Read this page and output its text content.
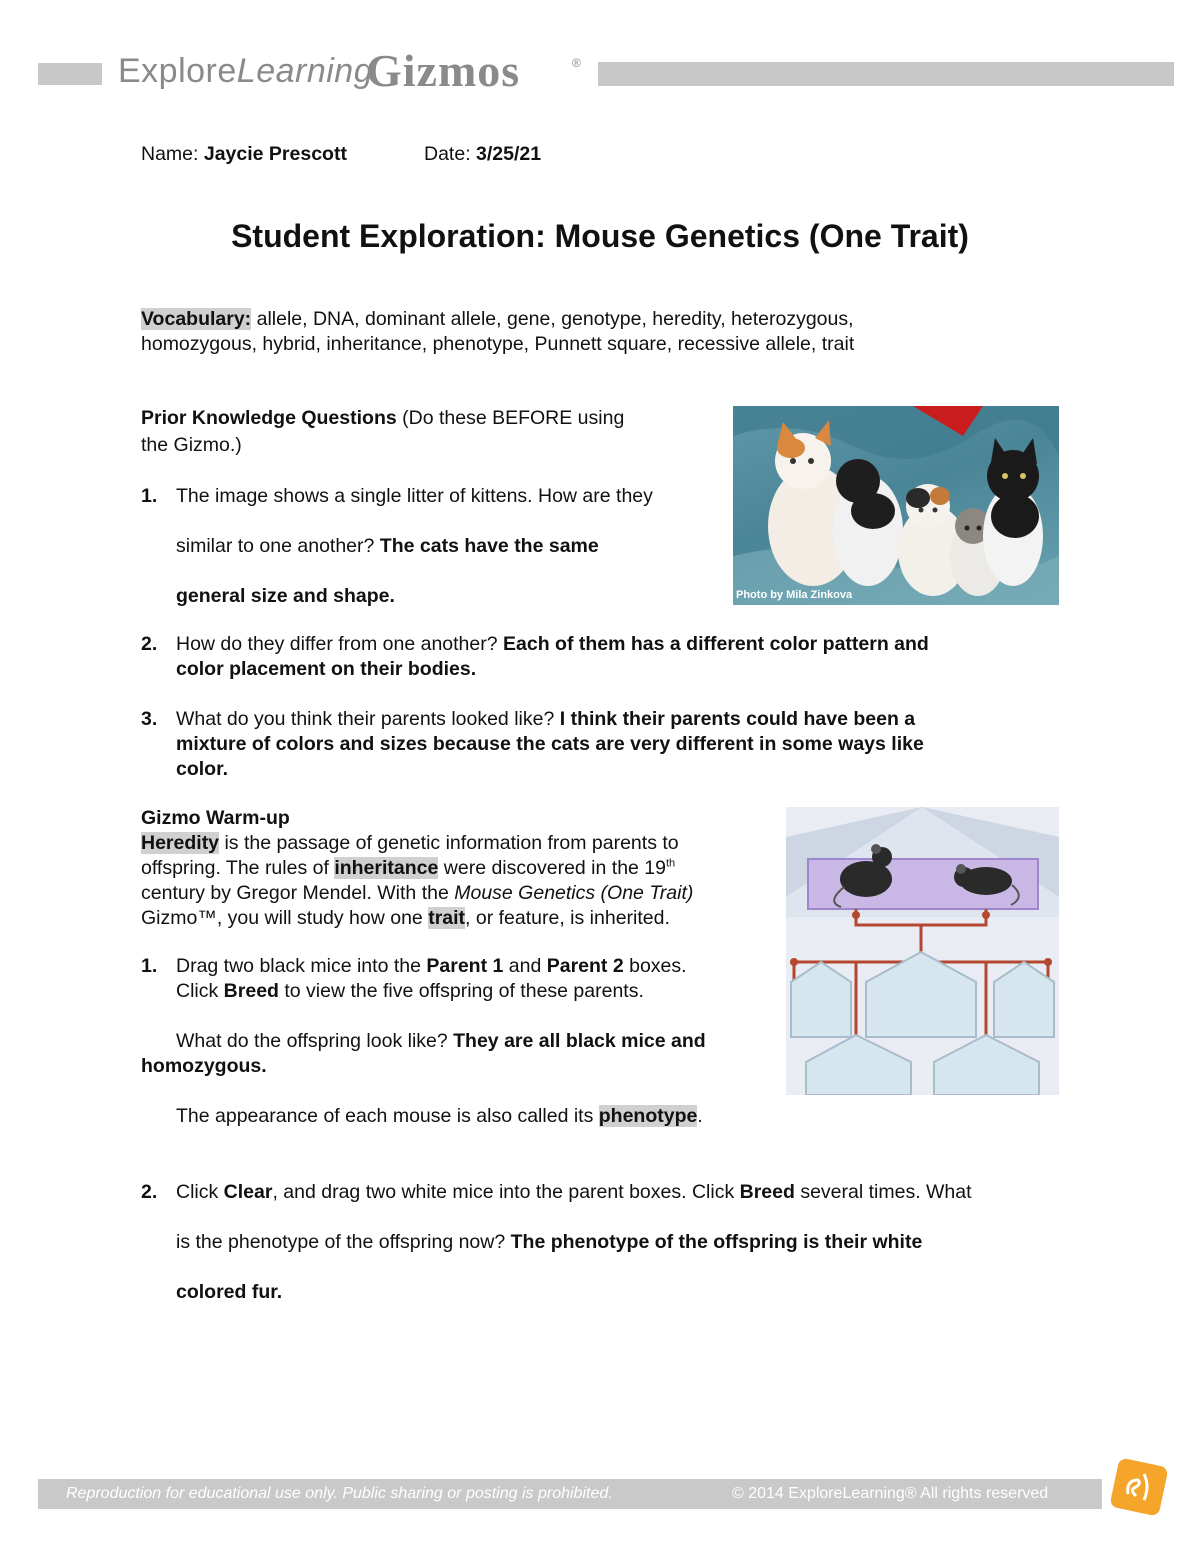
ExploreLearning
Gizmos	®
Name: Jaycie Prescott	Date: 3/25/21
Student Exploration: Mouse Genetics (One Trait)
Vocabulary: allele, DNA, dominant allele, gene, genotype, heredity, heterozygous,
homozygous, hybrid, inheritance, phenotype, Punnett square, recessive allele, trait
Prior Knowledge Questions (Do these BEFORE using
the Gizmo.)
1. The image shows a single litter of kittens. How are they
similar to one another? The cats have the same
general size and shape.	Photo by Mila Zinkova
2. How do they differ from one another? Each of them has a different color pattern and
color placement on their bodies.
3. What do you think their parents looked like? I think their parents could have been a
mixture of colors and sizes because the cats are very different in some ways like
color.
Gizmo Warm-up
Heredity is the passage of genetic information from parents to
offspring. The rules of inheritance were discovered in the 19th
century by Gregor Mendel. With the Mouse Genetics (One Trait)
Gizmo™, you will study how one trait, or feature, is inherited.
1. Drag two black mice into the Parent 1 and Parent 2 boxes.
Click Breed to view the five offspring of these parents.
What do the offspring look like? They are all black mice and
homozygous.
The appearance of each mouse is also called its phenotype.
2. Click Clear, and drag two white mice into the parent boxes. Click Breed several times. What
is the phenotype of the offspring now? The phenotype of the offspring is their white
colored fur.
Reproduction for educational use only. Public sharing or posting is prohibited.	© 2014 ExploreLearning® All rights reserved
